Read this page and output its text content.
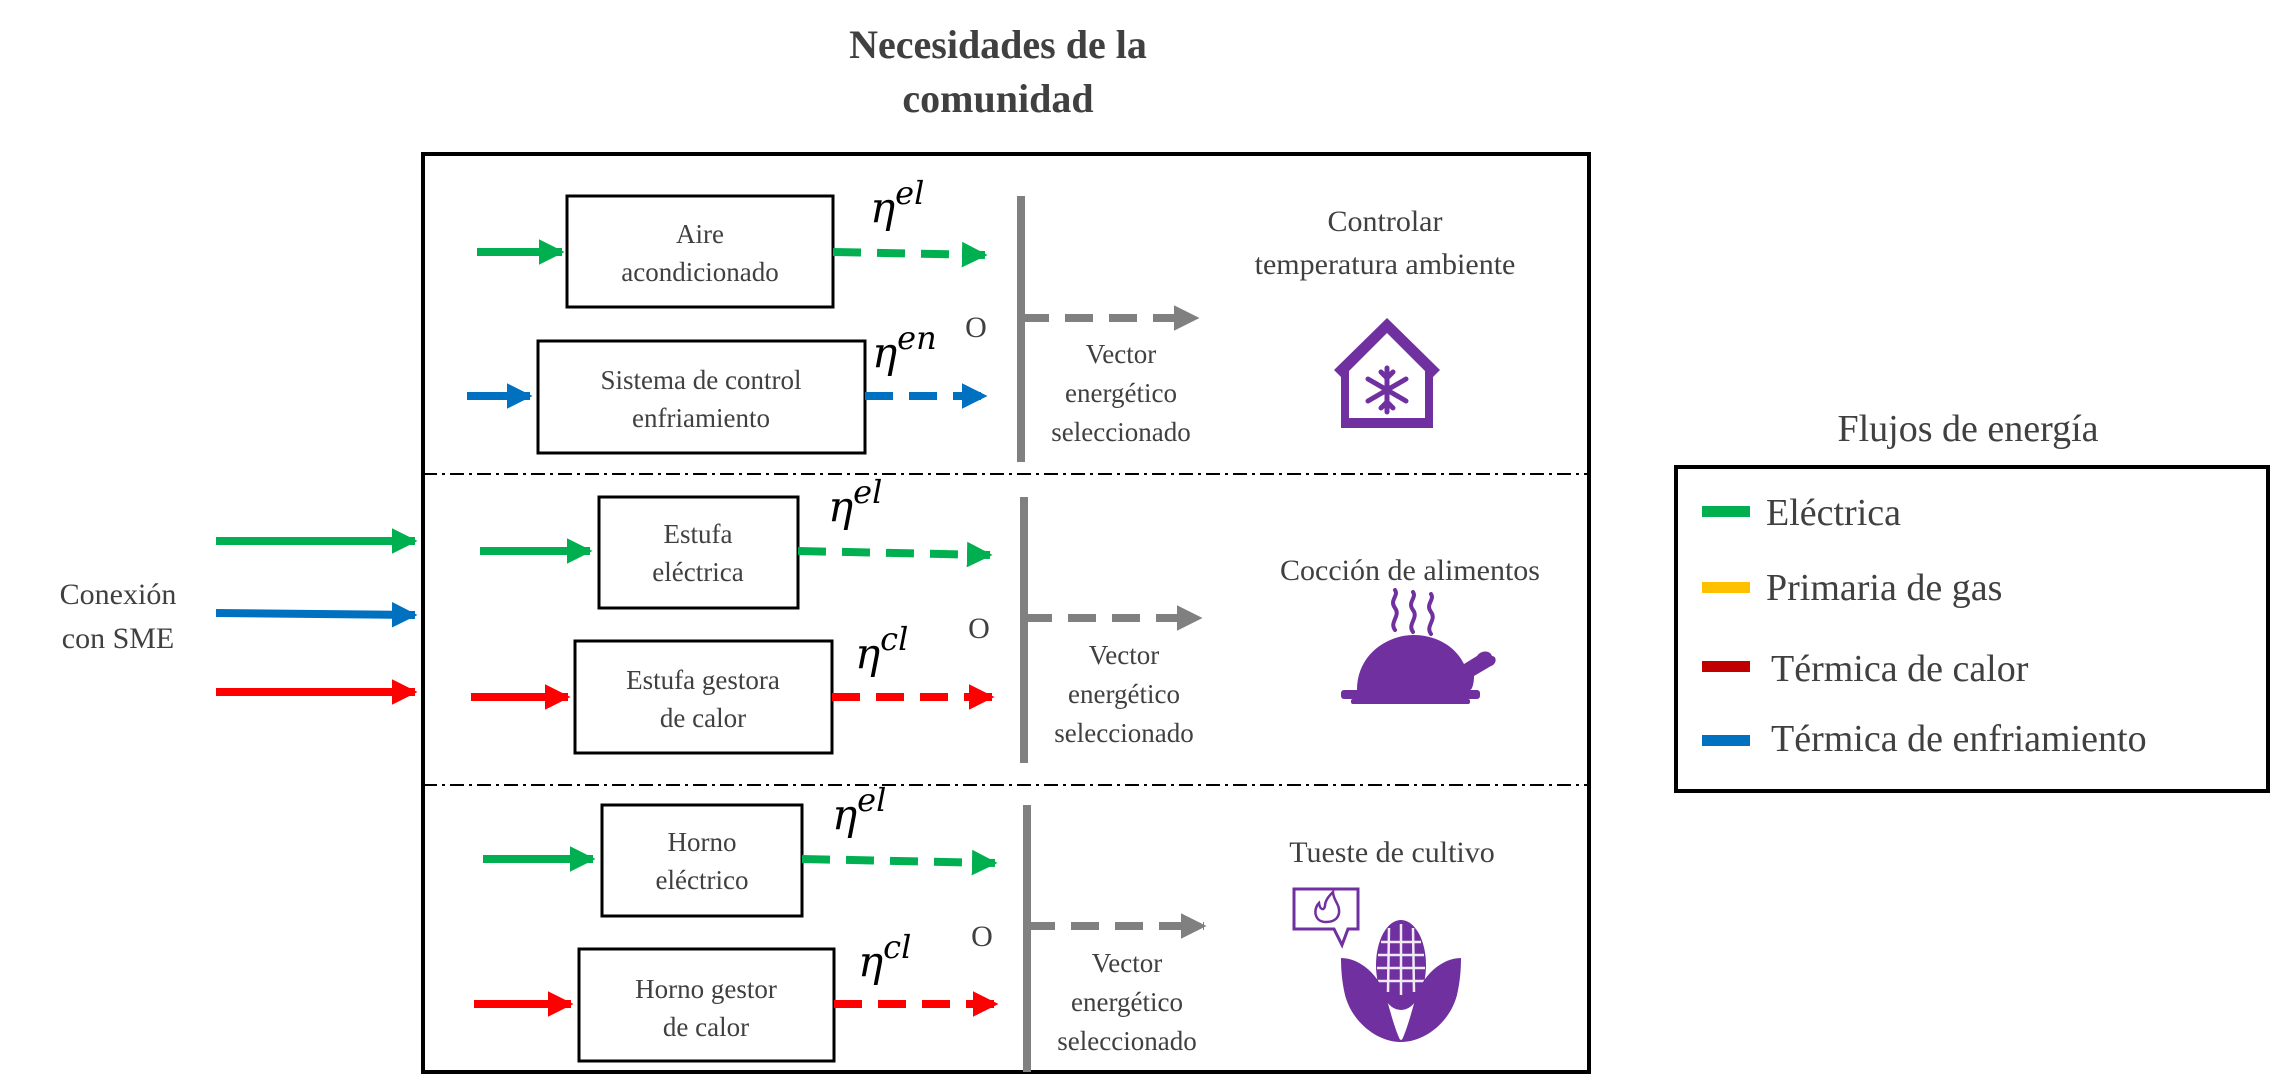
Necesidades de la
comunidad
Conexión
con SME
Aire
acondicionado
ηel
Sistema de control
enfriamiento
ηen O
Vector
energético
seleccionado
Controlar
temperatura ambiente
Estufa
eléctrica
ηel
Estufa gestora
de calor
ηcl O
Vector
energético
seleccionado
Cocción de alimentos
Horno
eléctrico
ηel
Horno gestor
de calor
ηcl O
Vector
energético
seleccionado
Tueste de cultivo
Flujos de energía
Eléctrica
Primaria de gas
Térmica de calor
Térmica de enfriamiento
